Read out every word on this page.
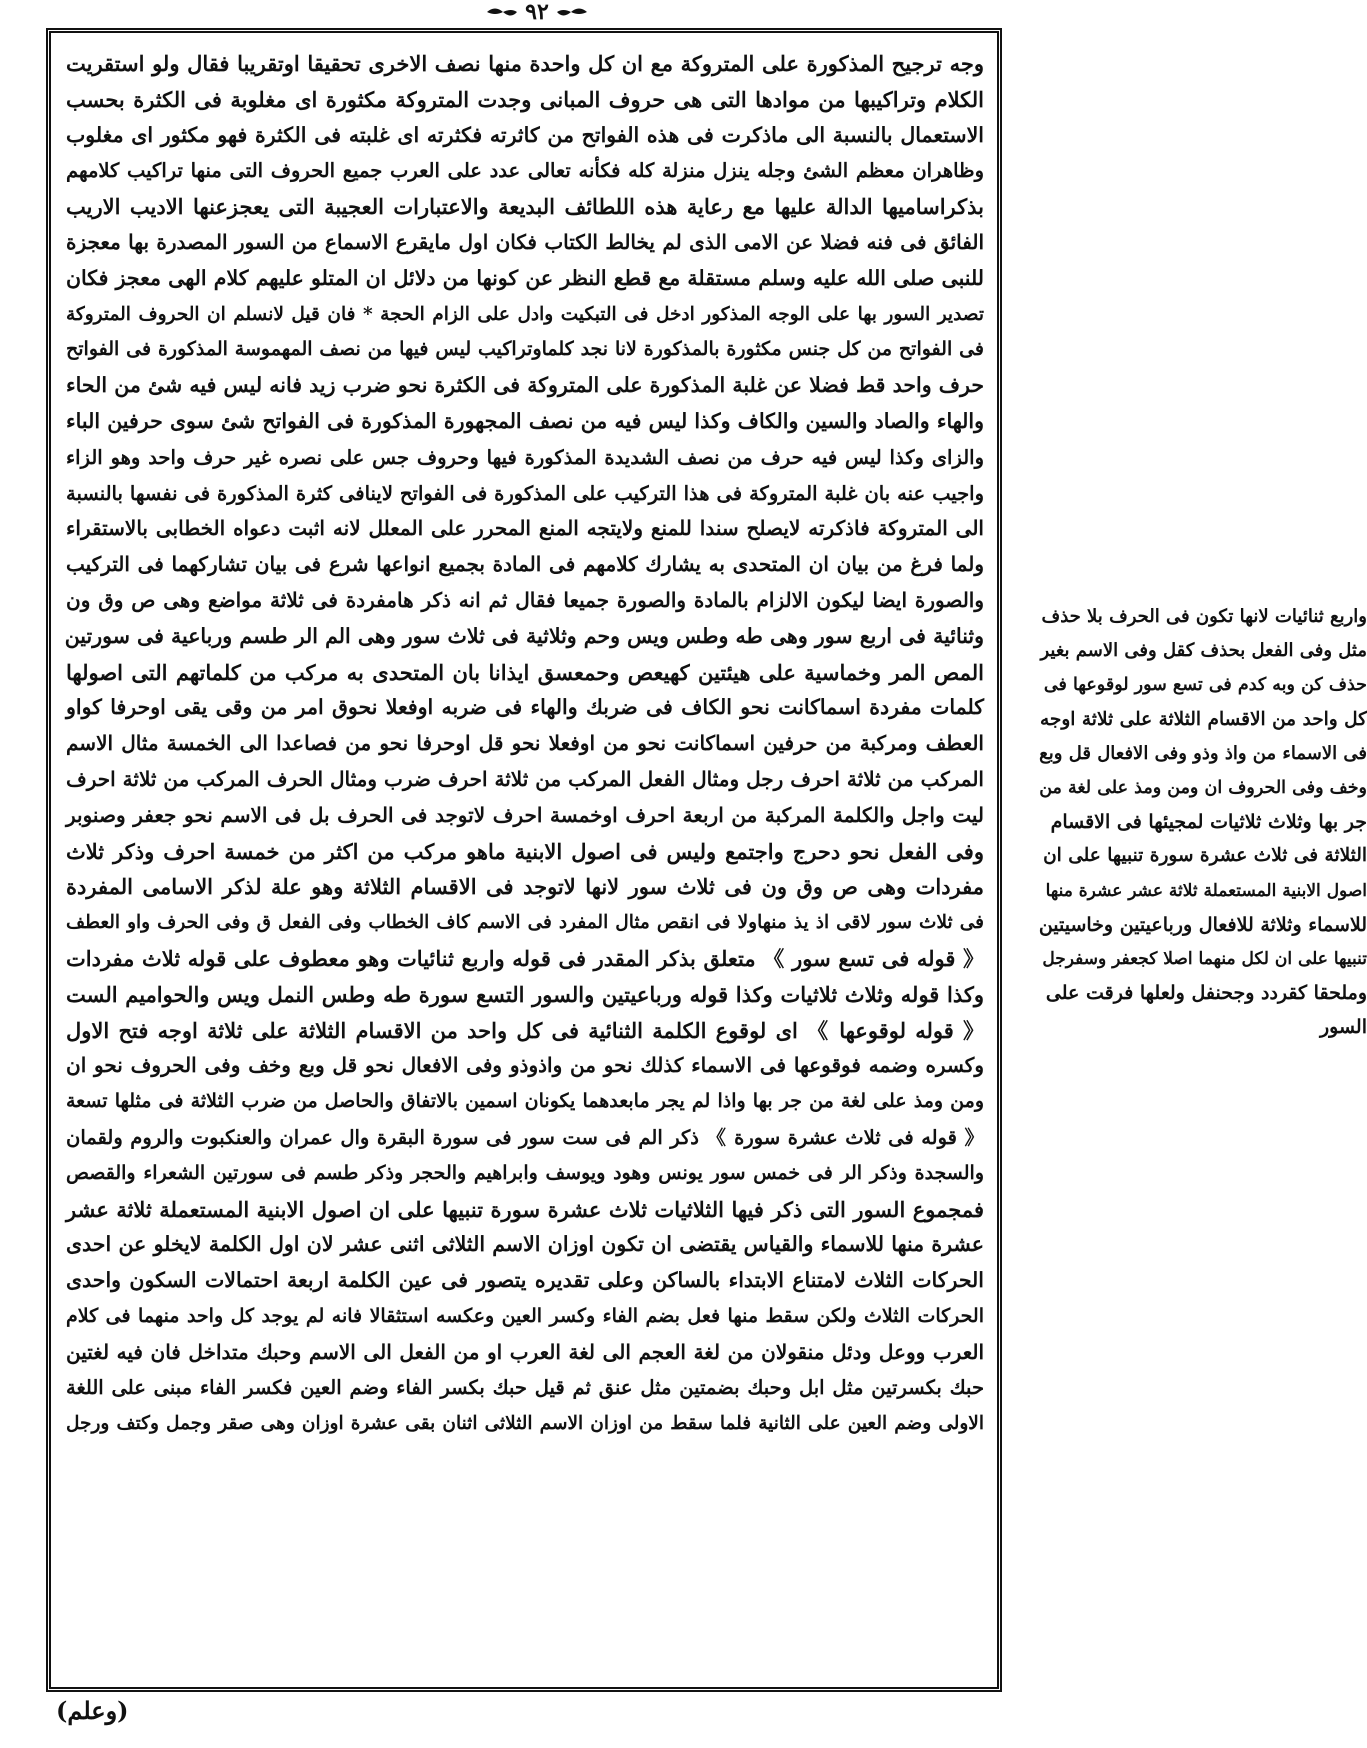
۹۲
وجه ترجيح المذكورة على المتروكة مع ان كل واحدة منها نصف الاخرى تحقيقا اوتقريبا فقال ولو استقريت
الكلام وتراكيبها من موادها التى هى حروف المبانى وجدت المتروكة مكثورة اى مغلوبة فى الكثرة بحسب
الاستعمال بالنسبة الى ماذكرت فى هذه الفواتح من كاثرته فكثرته اى غلبته فى الكثرة فهو مكثور اى مغلوب
وظاهران معظم الشئ وجله ينزل منزلة كله فكأنه تعالى عدد على العرب جميع الحروف التى منها تراكيب كلامهم
بذكراساميها الدالة عليها مع رعاية هذه اللطائف البديعة والاعتبارات العجيبة التى يعجزعنها الاديب الاريب
الفائق فى فنه فضلا عن الامى الذى لم يخالط الكتاب فكان اول مايقرع الاسماع من السور المصدرة بها معجزة
للنبى صلى الله عليه وسلم مستقلة مع قطع النظر عن كونها من دلائل ان المتلو عليهم كلام الهى معجز فكان
تصدير السور بها على الوجه المذكور ادخل فى التبكيت وادل على الزام الحجة * فان قيل لانسلم ان الحروف المتروكة
فى الفواتح من كل جنس مكثورة بالمذكورة لانا نجد كلماوتراكيب ليس فيها من نصف المهموسة المذكورة فى الفواتح
حرف واحد قط فضلا عن غلبة المذكورة على المتروكة فى الكثرة نحو ضرب زيد فانه ليس فيه شئ من الحاء
والهاء والصاد والسين والكاف وكذا ليس فيه من نصف المجهورة المذكورة فى الفواتح شئ سوى حرفين الباء
والزاى وكذا ليس فيه حرف من نصف الشديدة المذكورة فيها وحروف جس على نصره غير حرف واحد وهو الزاء
واجيب عنه بان غلبة المتروكة فى هذا التركيب على المذكورة فى الفواتح لاينافى كثرة المذكورة فى نفسها بالنسبة
الى المتروكة فاذكرته لايصلح سندا للمنع ولايتجه المنع المحرر على المعلل لانه اثبت دعواه الخطابى بالاستقراء
ولما فرغ من بيان ان المتحدى به يشارك كلامهم فى المادة بجميع انواعها شرع فى بيان تشاركهما فى التركيب
والصورة ايضا ليكون الالزام بالمادة والصورة جميعا فقال ثم انه ذكر هامفردة فى ثلاثة مواضع وهى ص وق ون
وثنائية فى اربع سور وهى طه وطس ويس وحم وثلاثية فى ثلاث سور وهى الم الر طسم ورباعية فى سورتين
المص المر وخماسية على هيئتين كهيعص وحمعسق ايذانا بان المتحدى به مركب من كلماتهم التى اصولها
كلمات مفردة اسماكانت نحو الكاف فى ضربك والهاء فى ضربه اوفعلا نحوق امر من وقى يقى اوحرفا كواو
العطف ومركبة من حرفين اسماكانت نحو من اوفعلا نحو قل اوحرفا نحو من فصاعدا الى الخمسة مثال الاسم
المركب من ثلاثة احرف رجل ومثال الفعل المركب من ثلاثة احرف ضرب ومثال الحرف المركب من ثلاثة احرف
ليت واجل والكلمة المركبة من اربعة احرف اوخمسة احرف لاتوجد فى الحرف بل فى الاسم نحو جعفر وصنوبر
وفى الفعل نحو دحرج واجتمع وليس فى اصول الابنية ماهو مركب من اكثر من خمسة احرف وذكر ثلاث
مفردات وهى ص وق ون فى ثلاث سور لانها لاتوجد فى الاقسام الثلاثة وهو علة لذكر الاسامى المفردة
فى ثلاث سور لاقى اذ يذ منهاولا فى انقص مثال المفرد فى الاسم كاف الخطاب وفى الفعل ق وفى الحرف واو العطف
《 قوله فى تسع سور 》 متعلق بذكر المقدر فى قوله واربع ثنائيات وهو معطوف على قوله ثلاث مفردات
وكذا قوله وثلاث ثلاثيات وكذا قوله ورباعيتين والسور التسع سورة طه وطس النمل ويس والحواميم الست
《 قوله لوقوعها 》 اى لوقوع الكلمة الثنائية فى كل واحد من الاقسام الثلاثة على ثلاثة اوجه فتح الاول
وكسره وضمه فوقوعها فى الاسماء كذلك نحو من واذوذو وفى الافعال نحو قل وبع وخف وفى الحروف نحو ان
ومن ومذ على لغة من جر بها واذا لم يجر مابعدهما يكونان اسمين بالاتفاق والحاصل من ضرب الثلاثة فى مثلها تسعة
《 قوله فى ثلاث عشرة سورة 》 ذكر الم فى ست سور فى سورة البقرة وال عمران والعنكبوت والروم ولقمان
والسجدة وذكر الر فى خمس سور يونس وهود ويوسف وابراهيم والحجر وذكر طسم فى سورتين الشعراء والقصص
فمجموع السور التى ذكر فيها الثلاثيات ثلاث عشرة سورة تنبيها على ان اصول الابنية المستعملة ثلاثة عشر
عشرة منها للاسماء والقياس يقتضى ان تكون اوزان الاسم الثلاثى اثنى عشر لان اول الكلمة لايخلو عن احدى
الحركات الثلاث لامتناع الابتداء بالساكن وعلى تقديره يتصور فى عين الكلمة اربعة احتمالات السكون واحدى
الحركات الثلاث ولكن سقط منها فعل بضم الفاء وكسر العين وعكسه استثقالا فانه لم يوجد كل واحد منهما فى كلام
العرب ووعل ودئل منقولان من لغة العجم الى لغة العرب او من الفعل الى الاسم وحبك متداخل فان فيه لغتين
حبك بكسرتين مثل ابل وحبك بضمتين مثل عنق ثم قيل حبك بكسر الفاء وضم العين فكسر الفاء مبنى على اللغة
الاولى وضم العين على الثانية فلما سقط من اوزان الاسم الثلاثى اثنان بقى عشرة اوزان وهى صقر وجمل وكتف ورجل
واربع ثنائيات لانها تكون فى الحرف بلا حذف
مثل وفى الفعل بحذف كقل وفى الاسم بغير
حذف كن وبه كدم فى تسع سور لوقوعها فى
كل واحد من الاقسام الثلاثة على ثلاثة اوجه
فى الاسماء من واذ وذو وفى الافعال قل وبع
وخف وفى الحروف ان ومن ومذ على لغة من
جر بها وثلاث ثلاثيات لمجيئها فى الاقسام
الثلاثة فى ثلاث عشرة سورة تنبيها على ان
اصول الابنية المستعملة ثلاثة عشر عشرة منها
للاسماء وثلاثة للافعال ورباعيتين وخاسيتين
تنبيها على ان لكل منهما اصلا كجعفر وسفرجل
وملحقا كقردد وجحنفل ولعلها فرقت على
السور
(وعلم)
